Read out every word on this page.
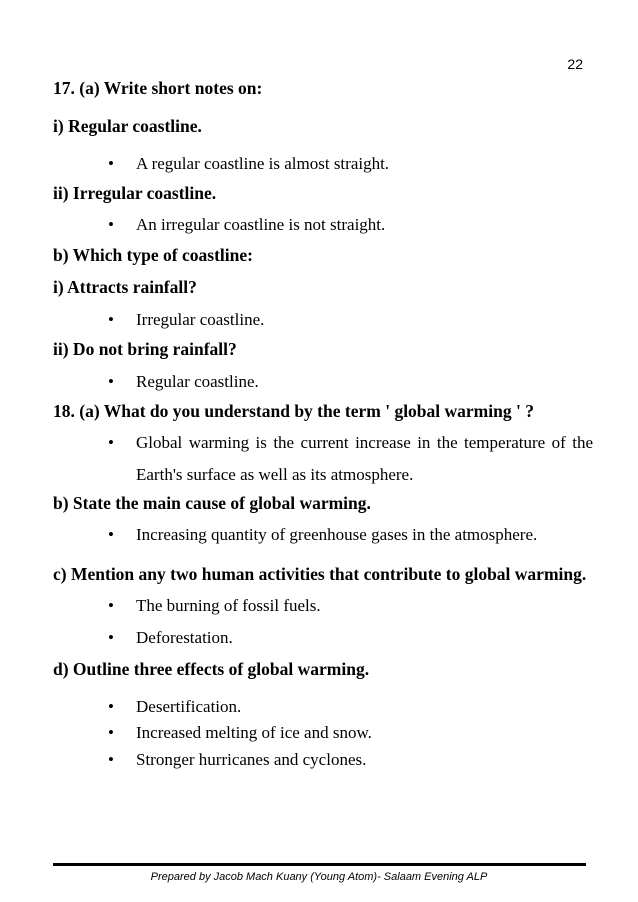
22
17. (a) Write short notes on:
i) Regular coastline.
• A regular coastline is almost straight.
ii) Irregular coastline.
• An irregular coastline is not straight.
b) Which type of coastline:
i) Attracts rainfall?
• Irregular coastline.
ii) Do not bring rainfall?
• Regular coastline.
18. (a) What do you understand by the term ' global warming ' ?
• Global warming is the current increase in the temperature of the Earth's surface as well as its atmosphere.
b) State the main cause of global warming.
• Increasing quantity of greenhouse gases in the atmosphere.
c) Mention any two human activities that contribute to global warming.
• The burning of fossil fuels.
• Deforestation.
d) Outline three effects of global warming.
• Desertification.
• Increased melting of ice and snow.
• Stronger hurricanes and cyclones.
Prepared by Jacob Mach Kuany (Young Atom)- Salaam Evening ALP
